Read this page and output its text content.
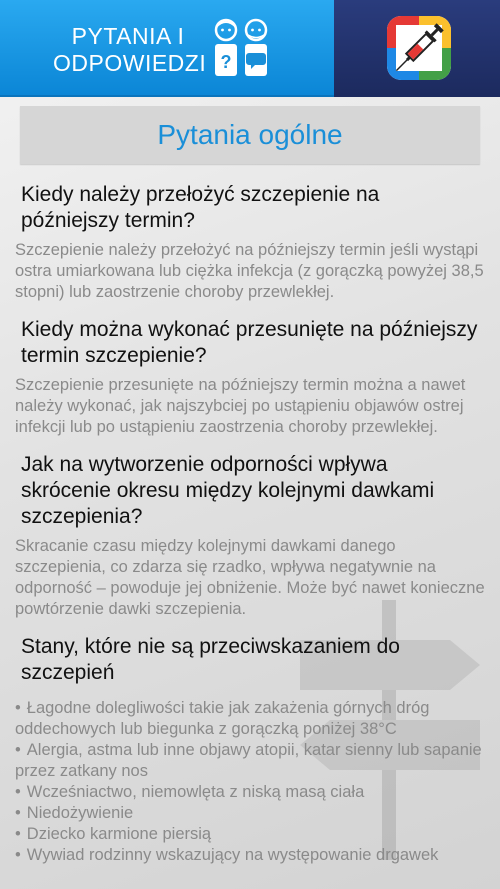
PYTANIA I
ODPOWIEDZI ?
Pytania ogólne
Kiedy należy przełożyć szczepienie na późniejszy termin?
Szczepienie należy przełożyć na późniejszy termin jeśli wystąpi ostra umiarkowana lub ciężka infekcja (z gorączką powyżej 38,5 stopni) lub zaostrzenie choroby przewlekłej.
Kiedy można wykonać przesunięte na późniejszy termin szczepienie?
Szczepienie przesunięte na późniejszy termin można a nawet należy wykonać, jak najszybciej po ustąpieniu objawów ostrej infekcji lub po ustąpieniu zaostrzenia choroby przewlekłej.
Jak na wytworzenie odporności wpływa skrócenie okresu między kolejnymi dawkami szczepienia?
Skracanie czasu między kolejnymi dawkami danego szczepienia, co zdarza się rzadko, wpływa negatywnie na odporność – powoduje jej obniżenie. Może być nawet konieczne powtórzenie dawki szczepienia.
Stany, które nie są przeciwskazaniem do szczepień
• Łagodne dolegliwości takie jak zakażenia górnych dróg oddechowych lub biegunka z gorączką poniżej 38°C
• Alergia, astma lub inne objawy atopii, katar sienny lub sapanie przez zatkany nos
• Wcześniactwo, niemowlęta z niską masą ciała
• Niedożywienie
• Dziecko karmione piersią
• Wywiad rodzinny wskazujący na występowanie drgawek
